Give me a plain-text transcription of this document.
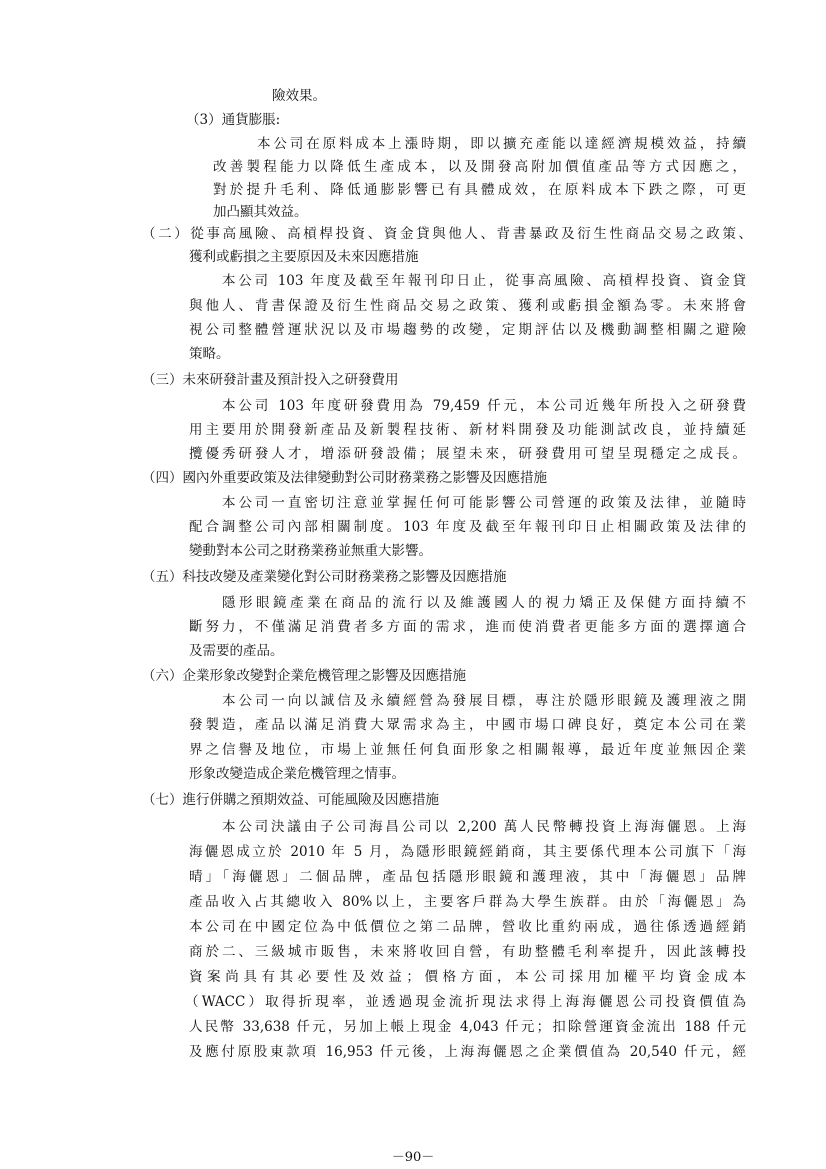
險效果。
（3）通貨膨脹:
本公司在原料成本上漲時期，即以擴充產能以達經濟規模效益，持續
改善製程能力以降低生產成本，以及開發高附加價值產品等方式因應之，
對於提升毛利、降低通膨影響已有具體成效，在原料成本下跌之際，可更
加凸顯其效益。
（二）從事高風險、高槓桿投資、資金貸與他人、背書暴政及衍生性商品交易之政策、
獲利或虧損之主要原因及未來因應措施
本公司 103 年度及截至年報刊印日止，從事高風險、高槓桿投資、資金貸
與他人、背書保證及衍生性商品交易之政策、獲利或虧損金額為零。未來將會
視公司整體營運狀況以及市場趨勢的改變，定期評估以及機動調整相關之避險
策略。
（三）未來研發計畫及預計投入之研發費用
本公司 103 年度研發費用為 79,459 仟元，本公司近幾年所投入之研發費
用主要用於開發新產品及新製程技術、新材料開發及功能測試改良，並持續延
攬優秀研發人才，增添研發設備；展望未來，研發費用可望呈現穩定之成長。
（四）國內外重要政策及法律變動對公司財務業務之影響及因應措施
本公司一直密切注意並掌握任何可能影響公司營運的政策及法律，並隨時
配合調整公司內部相關制度。103 年度及截至年報刊印日止相關政策及法律的
變動對本公司之財務業務並無重大影響。
（五）科技改變及產業變化對公司財務業務之影響及因應措施
隱形眼鏡產業在商品的流行以及維護國人的視力矯正及保健方面持續不
斷努力，不僅滿足消費者多方面的需求，進而使消費者更能多方面的選擇適合
及需要的產品。
（六）企業形象改變對企業危機管理之影響及因應措施
本公司一向以誠信及永續經營為發展目標，專注於隱形眼鏡及護理液之開
發製造，產品以滿足消費大眾需求為主，中國市場口碑良好，奠定本公司在業
界之信譽及地位，市場上並無任何負面形象之相關報導，最近年度並無因企業
形象改變造成企業危機管理之情事。
（七）進行併購之預期效益、可能風險及因應措施
本公司決議由子公司海昌公司以 2,200 萬人民幣轉投資上海海儷恩。上海
海儷恩成立於 2010 年 5 月，為隱形眼鏡經銷商，其主要係代理本公司旗下「海
晴」「海儷恩」二個品牌，產品包括隱形眼鏡和護理液，其中「海儷恩」品牌
產品收入占其總收入 80%以上，主要客戶群為大學生族群。由於「海儷恩」為
本公司在中國定位為中低價位之第二品牌，營收比重約兩成，過往係透過經銷
商於二、三級城市販售，未來將收回自營，有助整體毛利率提升，因此該轉投
資案尚具有其必要性及效益；價格方面，本公司採用加權平均資金成本
（WACC）取得折現率，並透過現金流折現法求得上海海儷恩公司投資價值為
人民幣 33,638 仟元，另加上帳上現金 4,043 仟元；扣除營運資金流出 188 仟元
及應付原股東款項 16,953 仟元後，上海海儷恩之企業價值為 20,540 仟元，經
－90－
